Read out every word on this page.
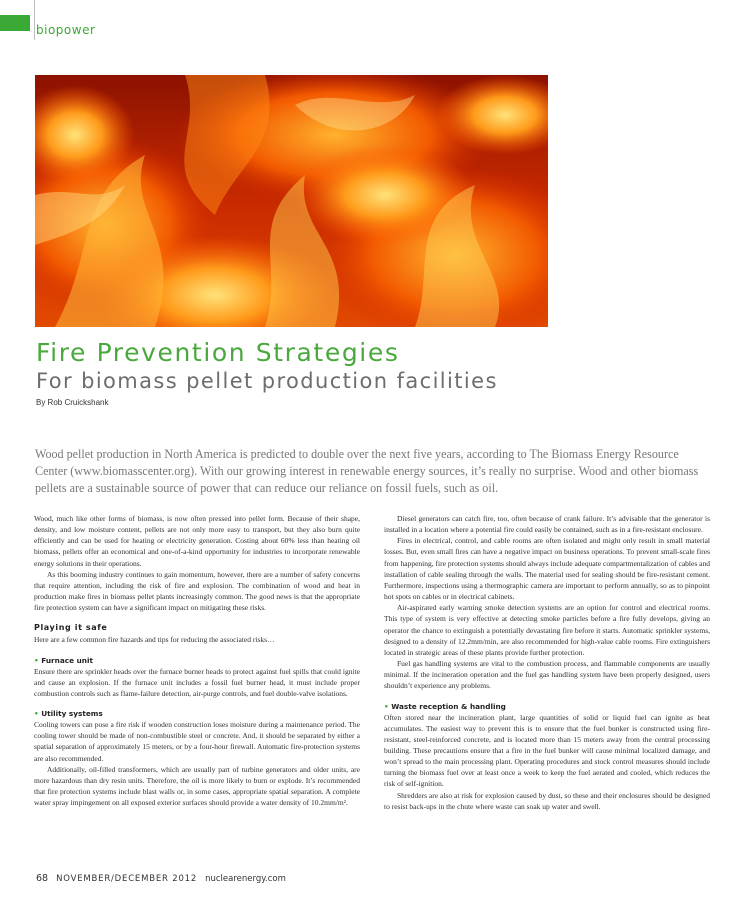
biopower
Fire Prevention Strategies
For biomass pellet production facilities
By Rob Cruickshank
Wood pellet production in North America is predicted to double over the next five years, according to The Biomass Energy Resource Center (www.biomasscenter.org). With our growing interest in renewable energy sources, it’s really no surprise. Wood and other biomass pellets are a sustainable source of power that can reduce our reliance on fossil fuels, such as oil.

Wood, much like other forms of biomass, is now often pressed into pellet form. Because of their shape, density, and low moisture content, pellets are not only more easy to transport, but they also burn quite efficiently and can be used for heating or electricity generation. Costing about 60% less than heating oil biomass, pellets offer an economical and one-of-a-kind opportunity for industries to incorporate renewable energy solutions in their operations.

As this booming industry continues to gain momentum, however, there are a number of safety concerns that require attention, including the risk of fire and explosion. The combination of wood and heat in production make fires in biomass pellet plants increasingly common. The good news is that the appropriate fire protection system can have a significant impact on mitigating these risks.

Playing it safe

Here are a few common fire hazards and tips for reducing the associated risks…

• Furnace unit

Ensure there are sprinkler heads over the furnace burner heads to protect against fuel spills that could ignite and cause an explosion. If the furnace unit includes a fossil fuel burner head, it must include proper combustion controls such as flame-failure detection, air-purge controls, and fuel double-valve isolations.

• Utility systems

Cooling towers can pose a fire risk if wooden construction loses moisture during a maintenance period. The cooling tower should be made of non-combustible steel or concrete. And, it should be separated by either a spatial separation of approximately 15 meters, or by a four-hour firewall. Automatic fire-protection systems are also recommended.

Additionally, oil-filled transformers, which are usually part of turbine generators and older units, are more hazardous than dry resin units. Therefore, the oil is more likely to burn or explode. It’s recommended that fire protection systems include blast walls or, in some cases, appropriate spatial separation. A complete water spray impingement on all exposed exterior surfaces should provide a water density of 10.2mm/m².

Diesel generators can catch fire, too, often because of crank failure. It’s advisable that the generator is installed in a location where a potential fire could easily be contained, such as in a fire-resistant enclosure.

Fires in electrical, control, and cable rooms are often isolated and might only result in small material losses. But, even small fires can have a negative impact on business operations. To prevent small-scale fires from happening, fire protection systems should always include adequate compartmentalization of cables and installation of cable sealing through the walls. The material used for sealing should be fire-resistant cement. Furthermore, inspections using a thermographic camera are important to perform annually, so as to pinpoint hot spots on cables or in electrical cabinets.

Air-aspirated early warning smoke detection systems are an option for control and electrical rooms. This type of system is very effective at detecting smoke particles before a fire fully develops, giving an operator the chance to extinguish a potentially devastating fire before it starts. Automatic sprinkler systems, designed to a density of 12.2mm/min, are also recommended for high-value cable rooms. Fire extinguishers located in strategic areas of these plants provide further protection.

Fuel gas handling systems are vital to the combustion process, and flammable components are usually minimal. If the incineration operation and the fuel gas handling system have been properly designed, users shouldn’t experience any problems.

• Waste reception & handling

Often stored near the incineration plant, large quantities of solid or liquid fuel can ignite as heat accumulates. The easiest way to prevent this is to ensure that the fuel bunker is constructed using fire-resistant, steel-reinforced concrete, and is located more than 15 meters away from the central processing building. These precautions ensure that a fire in the fuel bunker will cause minimal localized damage, and won’t spread to the main processing plant. Operating procedures and stock control measures should include turning the biomass fuel over at least once a week to keep the fuel aerated and cooled, which reduces the risk of self-ignition.

Shredders are also at risk for explosion caused by dust, so these and their enclosures should be designed to resist back-ups in the chute where waste can soak up water and swell.

68 NOVEMBER/DECEMBER 2012 nuclearenergy.com
